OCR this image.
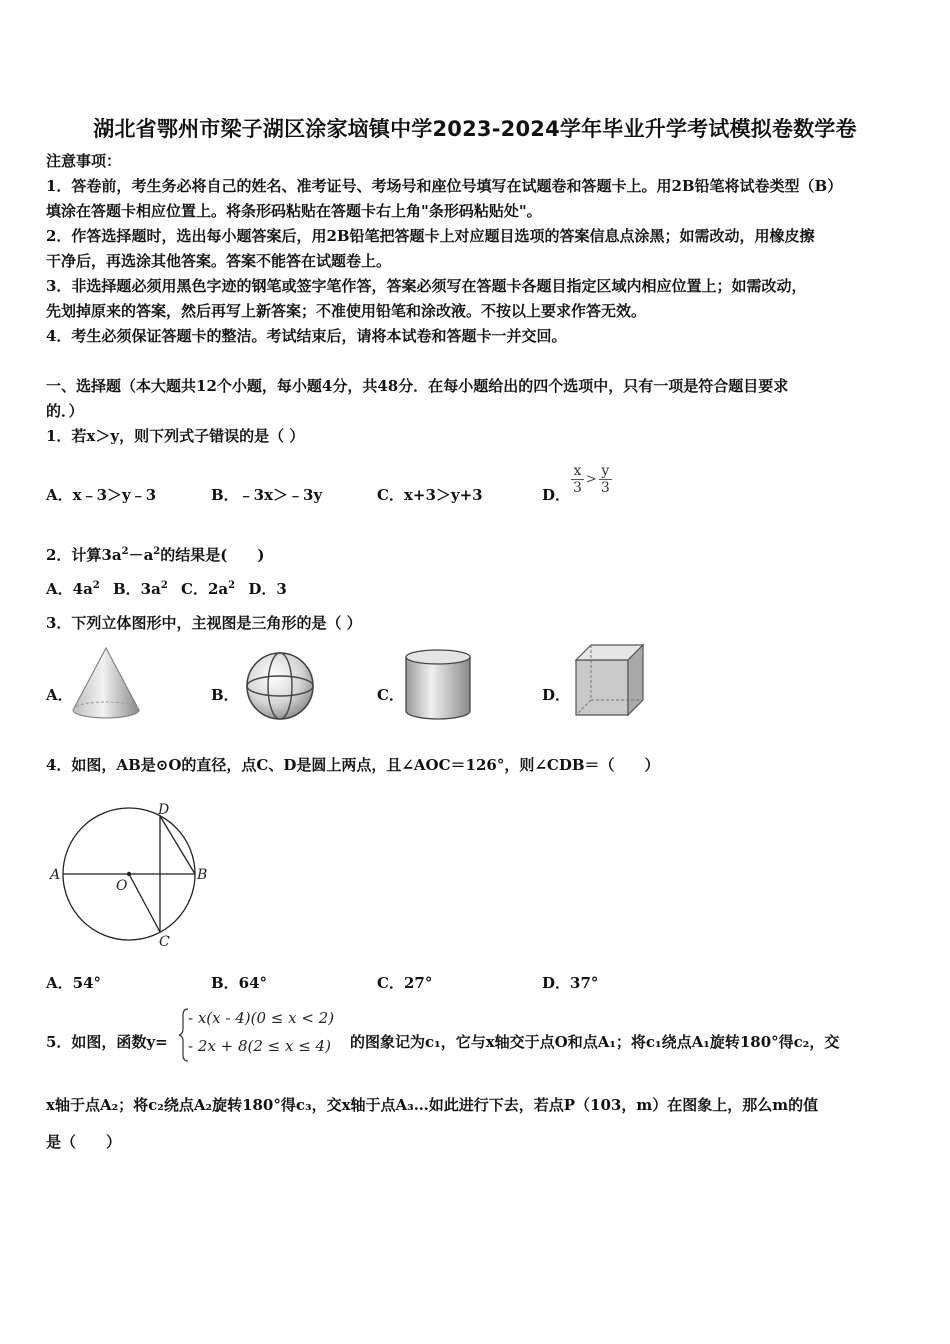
湖北省鄂州市梁子湖区涂家垴镇中学2023-2024学年毕业升学考试模拟卷数学卷
注意事项：
1．答卷前，考生务必将自己的姓名、准考证号、考场号和座位号填写在试题卷和答题卡上。用2B铅笔将试卷类型（B）
填涂在答题卡相应位置上。将条形码粘贴在答题卡右上角"条形码粘贴处"。
2．作答选择题时，选出每小题答案后，用2B铅笔把答题卡上对应题目选项的答案信息点涂黑；如需改动，用橡皮擦
干净后，再选涂其他答案。答案不能答在试题卷上。
3．非选择题必须用黑色字迹的钢笔或签字笔作答，答案必须写在答题卡各题目指定区域内相应位置上；如需改动，
先划掉原来的答案，然后再写上新答案；不准使用铅笔和涂改液。不按以上要求作答无效。
4．考生必须保证答题卡的整洁。考试结束后，请将本试卷和答题卡一并交回。
一、选择题（本大题共12个小题，每小题4分，共48分．在每小题给出的四个选项中，只有一项是符合题目要求
的．）
1．若x＞y，则下列式子错误的是（ ）
A．x﹣3＞y﹣3	B．﹣3x＞﹣3y	C．x+3＞y+3	D． $\frac{x}{3} > \frac{y}{3}$
2．计算$3a^2-a^2$的结果是(　　)
A．$4a^2$ B．$3a^2$ C．$2a^2$ D．3
3．下列立体图形中，主视图是三角形的是（ ）
A．	B．	C．	D．
4．如图，AB是⊙O的直径，点C、D是圆上两点，且∠AOC＝126°，则∠CDB＝（　　）
A	B
D
C
O
A．54°	B．64°	C．27°	D．37°
5．如图，函数y=
- x(x - 4)(0 ≤ x < 2)
- 2x + 8(2 ≤ x ≤ 4) 的图象记为c₁，它与x轴交于点O和点A₁；将c₁绕点A₁旋转180°得c₂，交
x轴于点A₂；将c₂绕点A₂旋转180°得c₃，交x轴于点A₃…如此进行下去，若点P（103，m）在图象上，那么m的值
是（　　）
